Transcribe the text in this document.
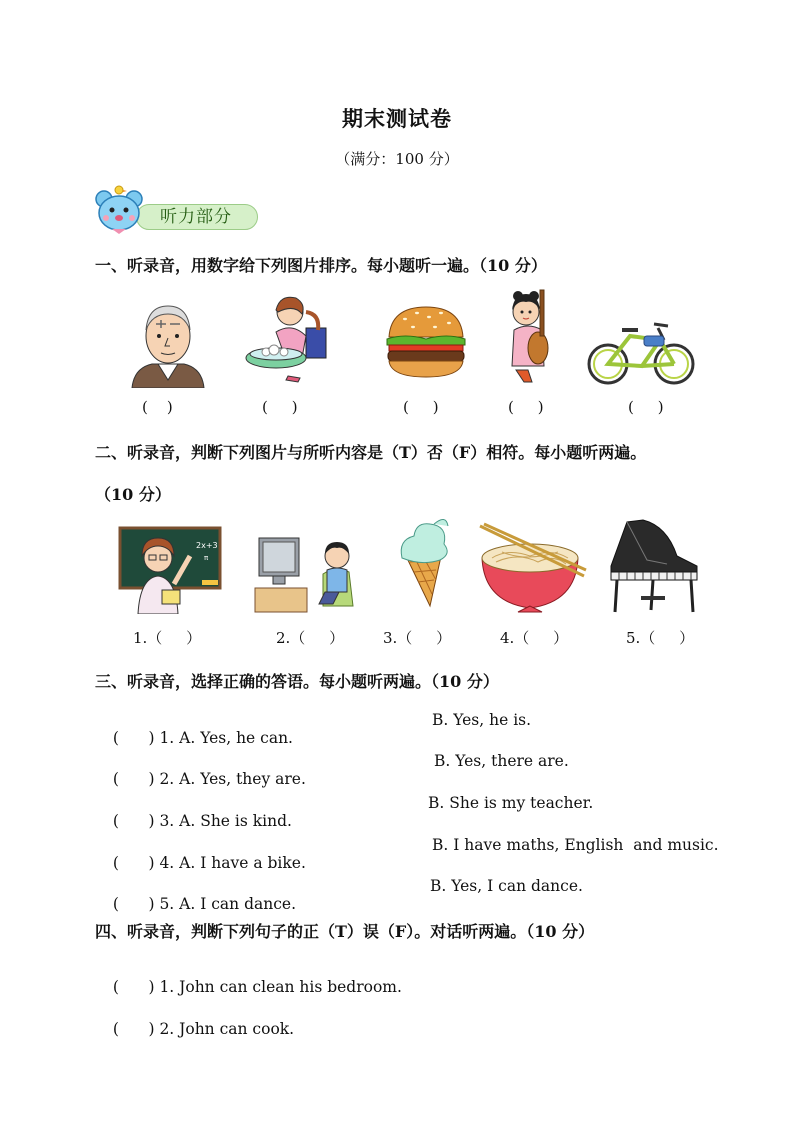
期末测试卷
（满分：100 分）
听力部分
一、听录音，用数字给下列图片排序。每小题听一遍。（10 分）
(    )	(     )	(     )	(     )	(     )
二、听录音，判断下列图片与所听内容是（T）否（F）相符。每小题听两遍。
（10 分）
2x+3
π
1.（     ）	2.（     ）	3.（     ）	4.（     ）	5.（     ）
三、听录音，选择正确的答语。每小题听两遍。（10 分）

(      ) 1. A. Yes, he can.

B. Yes, he is.

(      ) 2. A. Yes, they are.

B. Yes, there are.

(      ) 3. A. She is kind.

B. She is my teacher.

(      ) 4. A. I have a bike.

B. I have maths, English  and music.

(      ) 5. A. I can dance.

B. Yes, I can dance.

四、听录音，判断下列句子的正（T）误（F）。对话听两遍。（10 分）

(      ) 1. John can clean his bedroom.

(      ) 2. John can cook.
